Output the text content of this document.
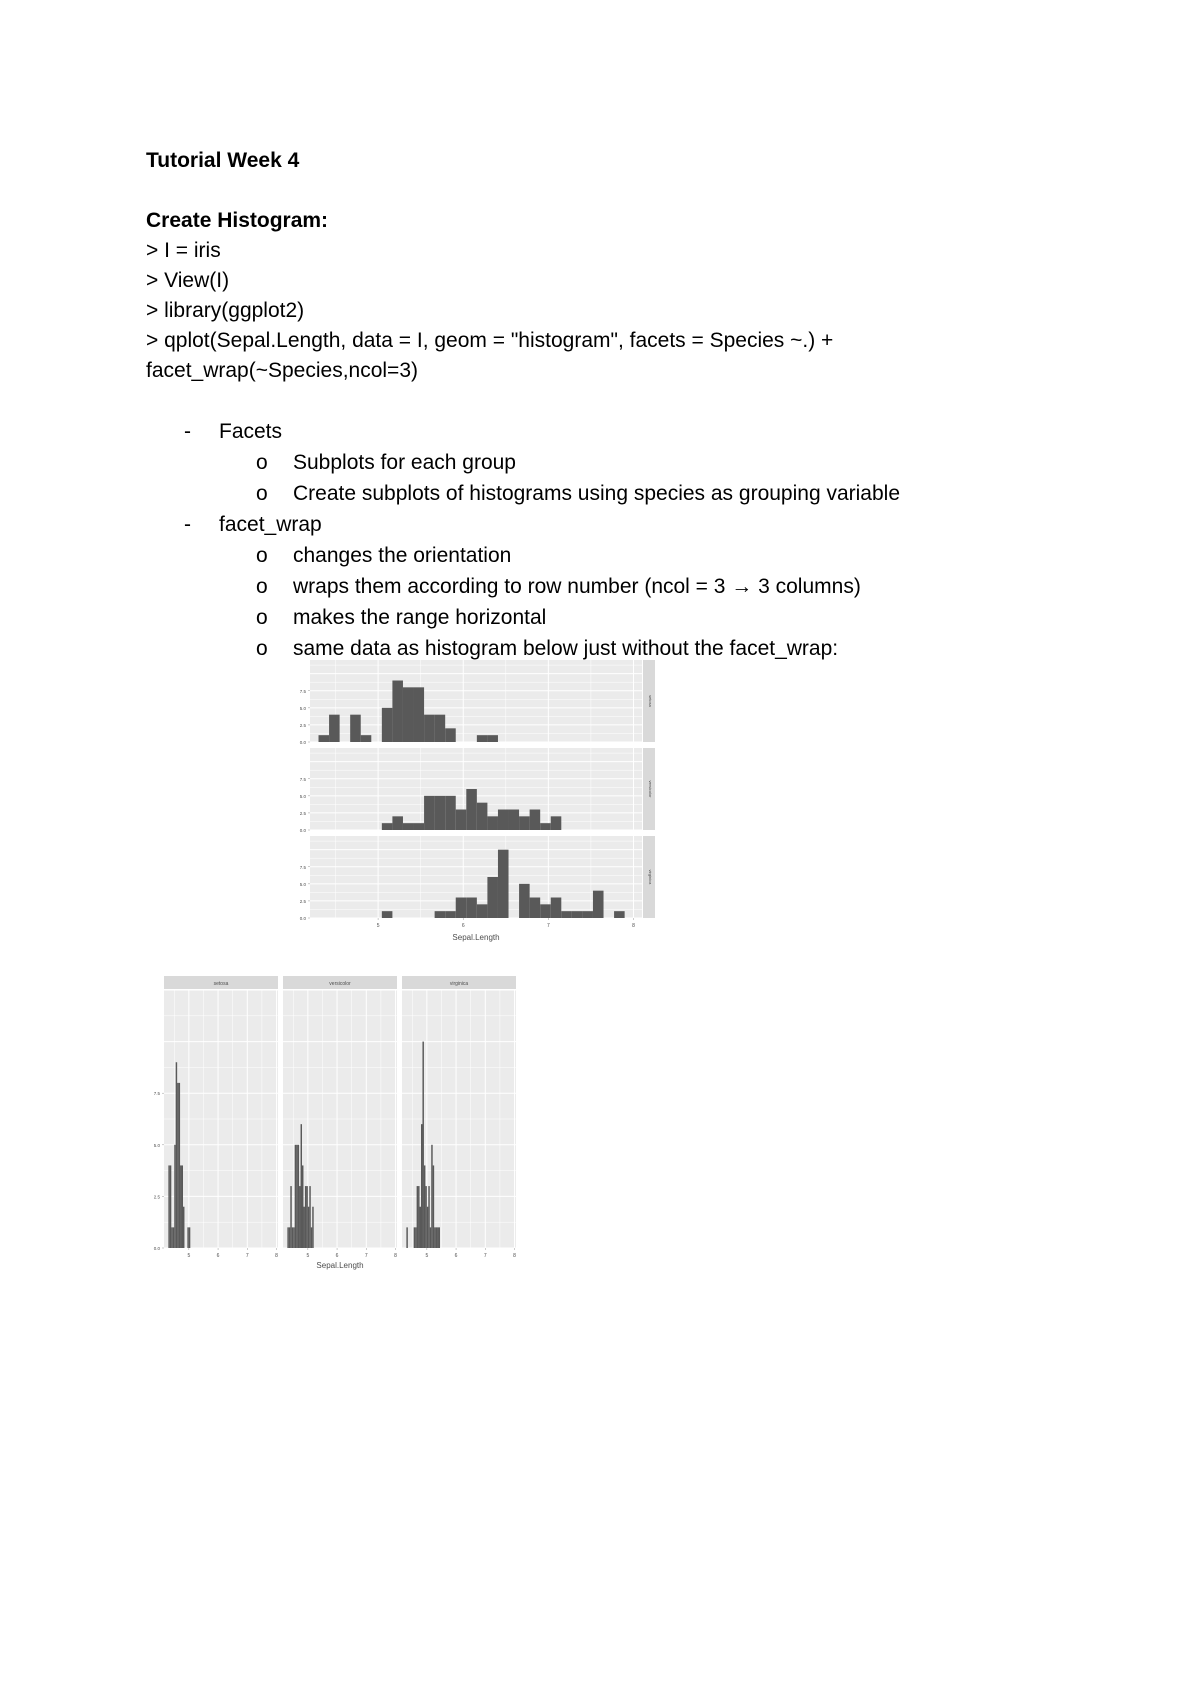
Tutorial Week 4
Create Histogram:
> I = iris
> View(I)
> library(ggplot2)
> qplot(Sepal.Length, data = I, geom = "histogram", facets = Species ~.) +
facet_wrap(~Species,ncol=3)
- Facets
o Subplots for each group
o Create subplots of histograms using species as grouping variable
- facet_wrap
o changes the orientation
o wraps them according to row number (ncol = 3 → 3 columns)
o makes the range horizontal
o same data as histogram below just without the facet_wrap:
0.0
2.5
5.0
7.5
setosa
0.0
2.5
5.0
7.5
versicolor
0.0
2.5
5.0
7.5
5	6	7	8
virginica
Sepal.Length
setosa
0.0
2.5
5.0
7.5
5	6	7	8
versicolor
5	6	7	8
virginica
5	6	7	8
Sepal.Length
